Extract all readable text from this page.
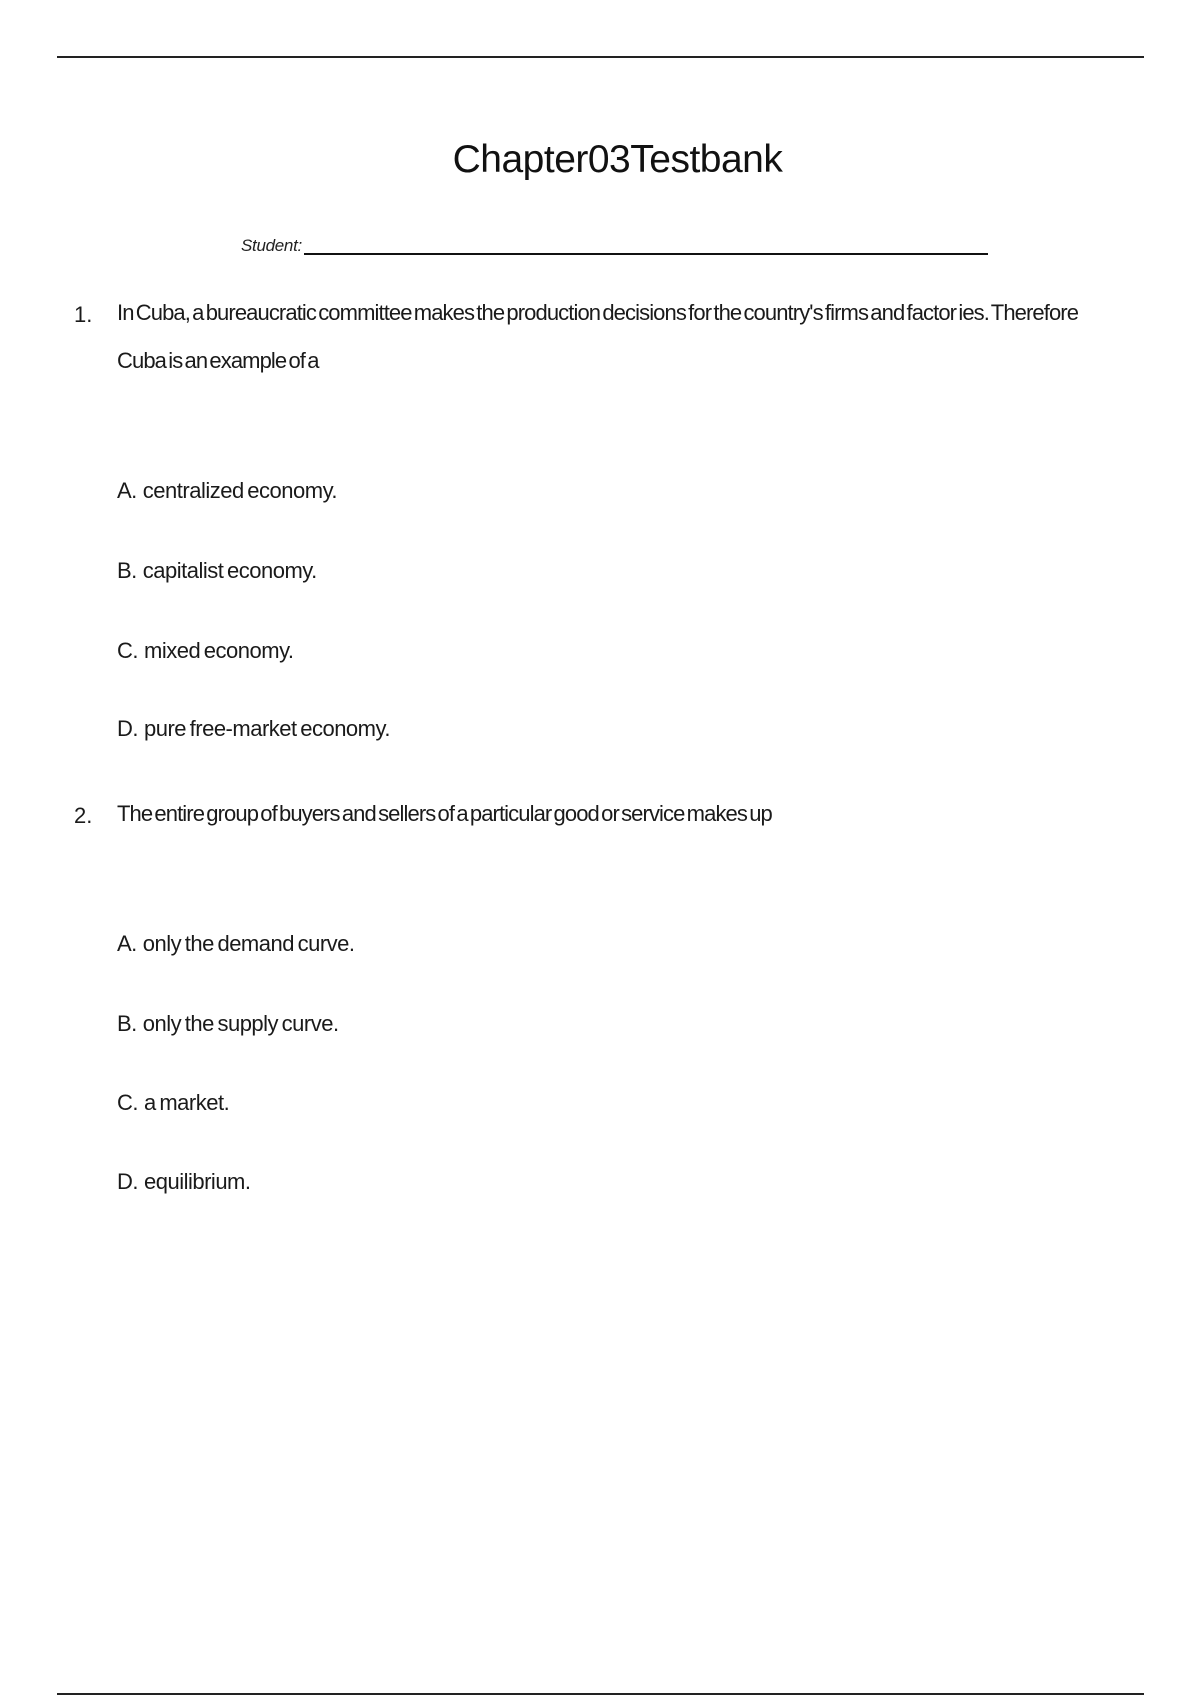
Chapter03Testbank
Student:
1. In Cuba, a bureaucratic committee makes the production decisions for the country's firms and factor ies. Therefore Cuba is an example of a
A. centralized economy.
B. capitalist economy.
C. mixed economy.
D. pure free-market economy.
2. The entire group of buyers and sellers of a particular good or service makes up
A. only the demand curve.
B. only the supply curve.
C. a market.
D. equilibrium.
